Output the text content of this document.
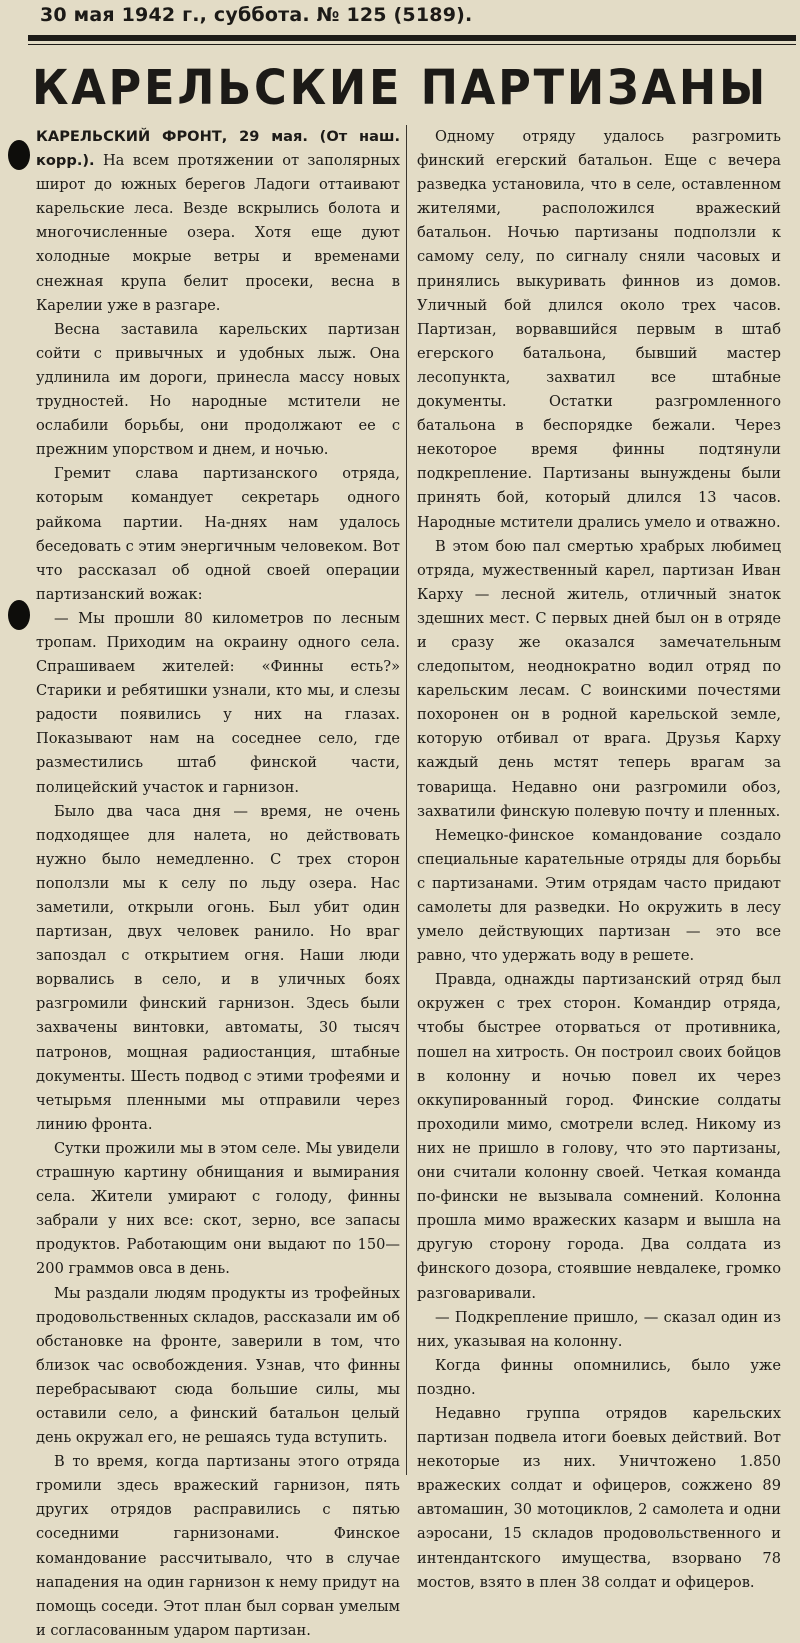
30 мая 1942 г., суббота. № 125 (5189).
КАРЕЛЬСКИЕ ПАРТИЗАНЫ

КАРЕЛЬСКИЙ ФРОНТ, 29 мая. (От наш. корр.). На всем протяжении от заполярных широт до южных берегов Ладоги оттаивают карельские леса. Везде вскрылись болота и многочисленные озера. Хотя еще дуют холодные мокрые ветры и временами снежная крупа белит просеки, весна в Карелии уже в разгаре.

Весна заставила карельских партизан сойти с привычных и удобных лыж. Она удлинила им дороги, принесла массу новых трудностей. Но народные мстители не ослабили борьбы, они продолжают ее с прежним упорством и днем, и ночью.

Гремит слава партизанского отряда, которым командует секретарь одного райкома партии. На-днях нам удалось беседовать с этим энергичным человеком. Вот что рассказал об одной своей операции партизанский вожак:

— Мы прошли 80 километров по лесным тропам. Приходим на окраину одного села. Спрашиваем жителей: «Финны есть?» Старики и ребятишки узнали, кто мы, и слезы радости появились у них на глазах. Показывают нам на соседнее село, где разместились штаб финской части, полицейский участок и гарнизон.

Было два часа дня — время, не очень подходящее для налета, но действовать нужно было немедленно. С трех сторон поползли мы к селу по льду озера. Нас заметили, открыли огонь. Был убит один партизан, двух человек ранило. Но враг запоздал с открытием огня. Наши люди ворвались в село, и в уличных боях разгромили финский гарнизон. Здесь были захвачены винтовки, автоматы, 30 тысяч патронов, мощная радиостанция, штабные документы. Шесть подвод с этими трофеями и четырьмя пленными мы отправили через линию фронта.

Сутки прожили мы в этом селе. Мы увидели страшную картину обнищания и вымирания села. Жители умирают с голоду, финны забрали у них все: скот, зерно, все запасы продуктов. Работающим они выдают по 150—200 граммов овса в день.

Мы раздали людям продукты из трофейных продовольственных складов, рассказали им об обстановке на фронте, заверили в том, что близок час освобождения. Узнав, что финны перебрасывают сюда большие силы, мы оставили село, а финский батальон целый день окружал его, не решаясь туда вступить.

В то время, когда партизаны этого отряда громили здесь вражеский гарнизон, пять других отрядов расправились с пятью соседними гарнизонами. Финское командование рассчитывало, что в случае нападения на один гарнизон к нему придут на помощь соседи. Этот план был сорван умелым и согласованным ударом партизан.

Одному отряду удалось разгромить финский егерский батальон. Еще с вечера разведка установила, что в селе, оставленном жителями, расположился вражеский батальон. Ночью партизаны подползли к самому селу, по сигналу сняли часовых и принялись выкуривать финнов из домов. Уличный бой длился около трех часов. Партизан, ворвавшийся первым в штаб егерского батальона, бывший мастер лесопункта, захватил все штабные документы. Остатки разгромленного батальона в беспорядке бежали. Через некоторое время финны подтянули подкрепление. Партизаны вынуждены были принять бой, который длился 13 часов. Народные мстители дрались умело и отважно.

В этом бою пал смертью храбрых любимец отряда, мужественный карел, партизан Иван Карху — лесной житель, отличный знаток здешних мест. С первых дней был он в отряде и сразу же оказался замечательным следопытом, неоднократно водил отряд по карельским лесам. С воинскими почестями похоронен он в родной карельской земле, которую отбивал от врага. Друзья Карху каждый день мстят теперь врагам за товарища. Недавно они разгромили обоз, захватили финскую полевую почту и пленных.

Немецко-финское командование создало специальные карательные отряды для борьбы с партизанами. Этим отрядам часто придают самолеты для разведки. Но окружить в лесу умело действующих партизан — это все равно, что удержать воду в решете.

Правда, однажды партизанский отряд был окружен с трех сторон. Командир отряда, чтобы быстрее оторваться от противника, пошел на хитрость. Он построил своих бойцов в колонну и ночью повел их через оккупированный город. Финские солдаты проходили мимо, смотрели вслед. Никому из них не пришло в голову, что это партизаны, они считали колонну своей. Четкая команда по-фински не вызывала сомнений. Колонна прошла мимо вражеских казарм и вышла на другую сторону города. Два солдата из финского дозора, стоявшие невдалеке, громко разговаривали.

— Подкрепление пришло, — сказал один из них, указывая на колонну.

Когда финны опомнились, было уже поздно.

Недавно группа отрядов карельских партизан подвела итоги боевых действий. Вот некоторые из них. Уничтожено 1.850 вражеских солдат и офицеров, сожжено 89 автомашин, 30 мотоциклов, 2 самолета и одни аэросани, 15 складов продовольственного и интендантского имущества, взорвано 78 мостов, взято в плен 38 солдат и офицеров.
